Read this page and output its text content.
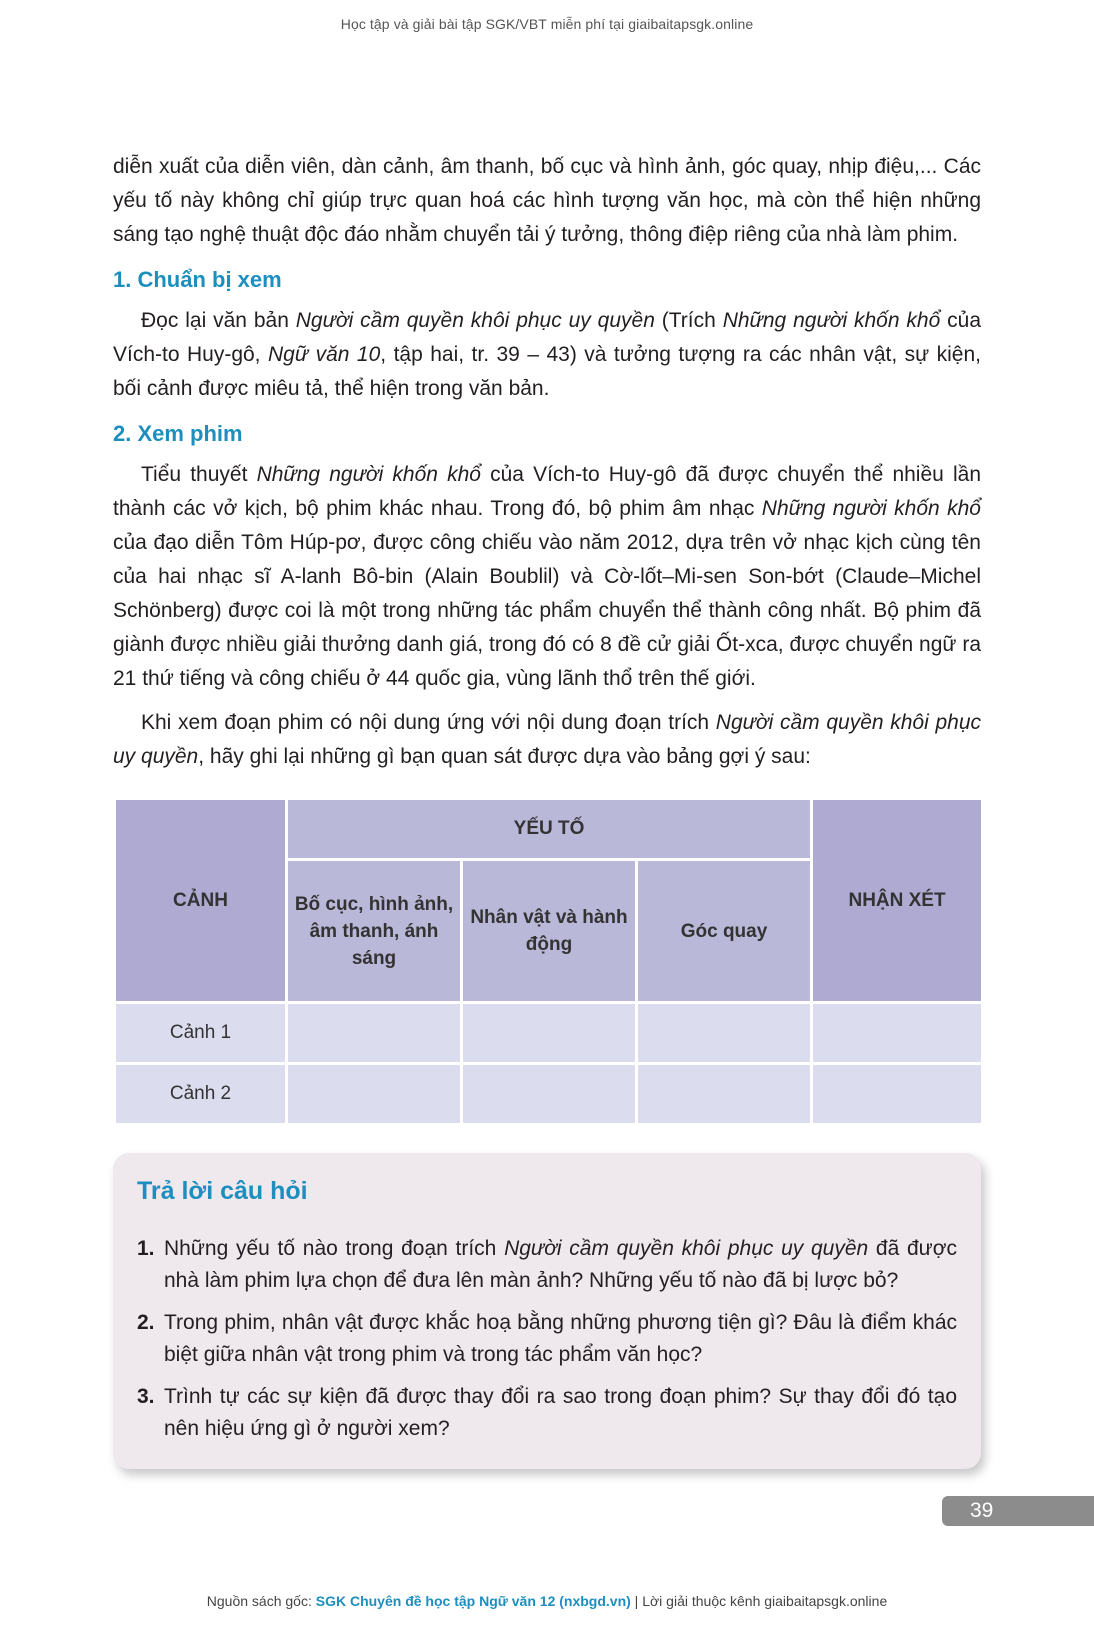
Học tập và giải bài tập SGK/VBT miễn phí tại giaibaitapsgk.online

diễn xuất của diễn viên, dàn cảnh, âm thanh, bố cục và hình ảnh, góc quay, nhịp điệu,... Các yếu tố này không chỉ giúp trực quan hoá các hình tượng văn học, mà còn thể hiện những sáng tạo nghệ thuật độc đáo nhằm chuyển tải ý tưởng, thông điệp riêng của nhà làm phim.

1. Chuẩn bị xem

Đọc lại văn bản Người cầm quyền khôi phục uy quyền (Trích Những người khốn khổ của Vích-to Huy-gô, Ngữ văn 10, tập hai, tr. 39 – 43) và tưởng tượng ra các nhân vật, sự kiện, bối cảnh được miêu tả, thể hiện trong văn bản.

2. Xem phim

Tiểu thuyết Những người khốn khổ của Vích-to Huy-gô đã được chuyển thể nhiều lần thành các vở kịch, bộ phim khác nhau. Trong đó, bộ phim âm nhạc Những người khốn khổ của đạo diễn Tôm Húp-pơ, được công chiếu vào năm 2012, dựa trên vở nhạc kịch cùng tên của hai nhạc sĩ A-lanh Bô-bin (Alain Boublil) và Cờ-lốt–Mi-sen Son-bớt (Claude–Michel Schönberg) được coi là một trong những tác phẩm chuyển thể thành công nhất. Bộ phim đã giành được nhiều giải thưởng danh giá, trong đó có 8 đề cử giải Ốt-xca, được chuyển ngữ ra 21 thứ tiếng và công chiếu ở 44 quốc gia, vùng lãnh thổ trên thế giới.

Khi xem đoạn phim có nội dung ứng với nội dung đoạn trích Người cầm quyền khôi phục uy quyền, hãy ghi lại những gì bạn quan sát được dựa vào bảng gợi ý sau:

CẢNH	YẾU TỐ			NHẬN XÉT
	Bố cục, hình ảnh, âm thanh, ánh sáng	Nhân vật và hành động	Góc quay	
Cảnh 1				
Cảnh 2				
Trả lời câu hỏi
1. Những yếu tố nào trong đoạn trích Người cầm quyền khôi phục uy quyền đã được nhà làm phim lựa chọn để đưa lên màn ảnh? Những yếu tố nào đã bị lược bỏ?
2. Trong phim, nhân vật được khắc hoạ bằng những phương tiện gì? Đâu là điểm khác biệt giữa nhân vật trong phim và trong tác phẩm văn học?
3. Trình tự các sự kiện đã được thay đổi ra sao trong đoạn phim? Sự thay đổi đó tạo nên hiệu ứng gì ở người xem?
39
Nguồn sách gốc: SGK Chuyên đề học tập Ngữ văn 12 (nxbgd.vn) | Lời giải thuộc kênh giaibaitapsgk.online
